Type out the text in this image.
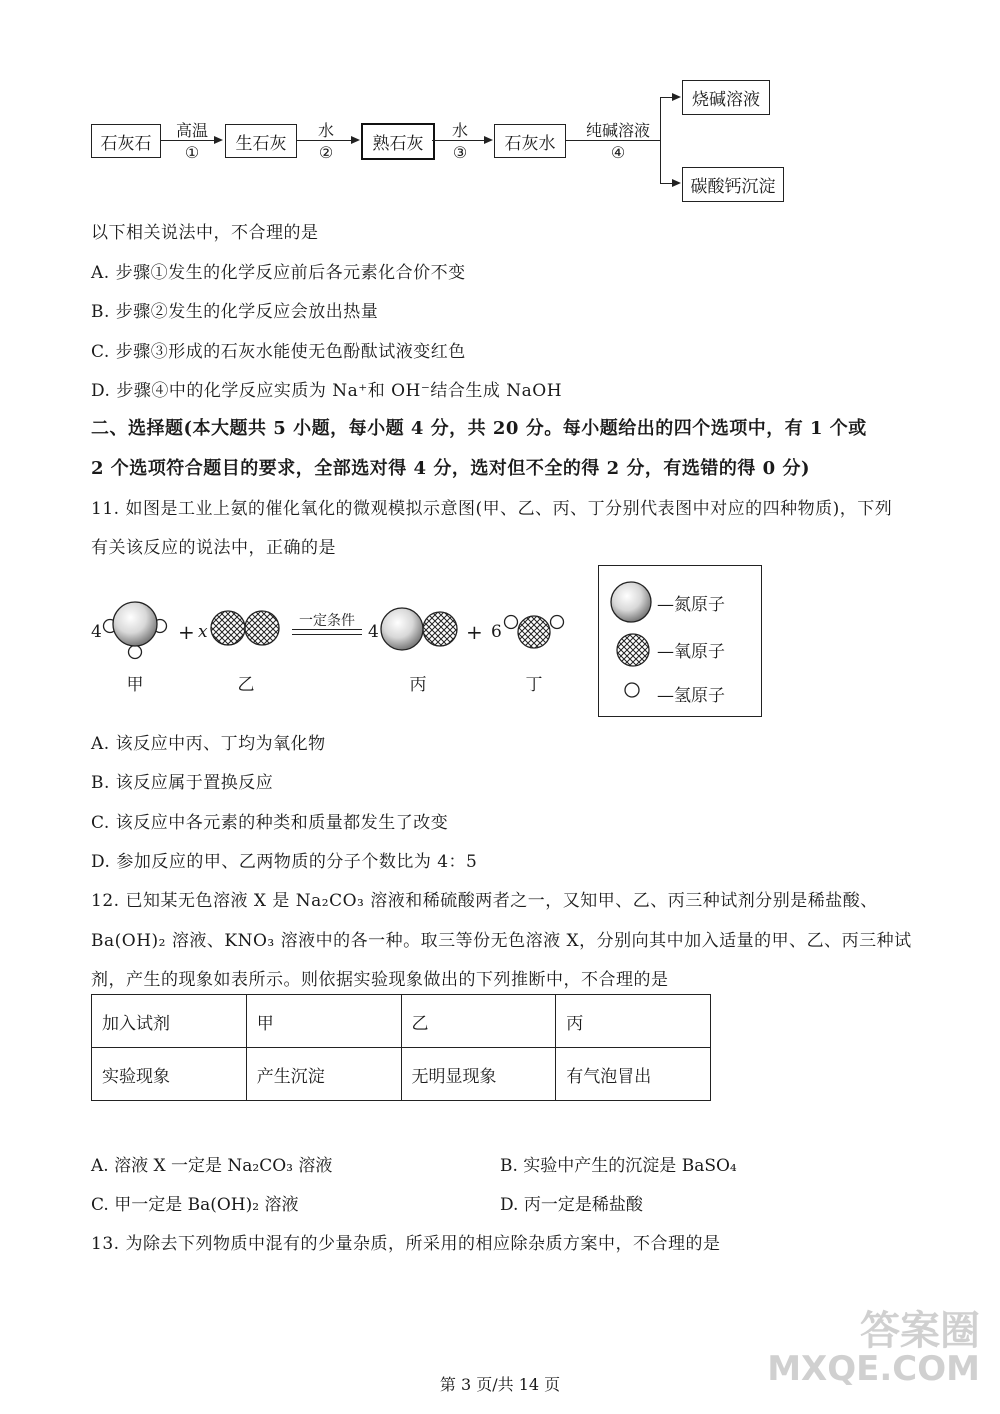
石灰石
高温
①	生石灰
水
②	熟石灰
水
③	石灰水
纯碱溶液
④
烧碱溶液
碳酸钙沉淀
以下相关说法中，不合理的是
A. 步骤①发生的化学反应前后各元素化合价不变
B. 步骤②发生的化学反应会放出热量
C. 步骤③形成的石灰水能使无色酚酞试液变红色
D. 步骤④中的化学反应实质为 Na⁺和 OH⁻结合生成 NaOH
二、选择题(本大题共 5 小题，每小题 4 分，共 20 分。每小题给出的四个选项中，有 1 个或
2 个选项符合题目的要求，全部选对得 4 分，选对但不全的得 2 分，有选错的得 0 分)
11. 如图是工业上氨的催化氧化的微观模拟示意图(甲、乙、丙、丁分别代表图中对应的四种物质)，下列
有关该反应的说法中，正确的是
4	+ x
一定条件
4	+ 6
甲	乙	丙	丁
—氮原子
—氧原子
—氢原子
A. 该反应中丙、丁均为氧化物
B. 该反应属于置换反应
C. 该反应中各元素的种类和质量都发生了改变
D. 参加反应的甲、乙两物质的分子个数比为 4：5
12. 已知某无色溶液 X 是 Na₂CO₃ 溶液和稀硫酸两者之一，又知甲、乙、丙三种试剂分别是稀盐酸、
Ba(OH)₂ 溶液、KNO₃ 溶液中的各一种。取三等份无色溶液 X，分别向其中加入适量的甲、乙、丙三种试
剂，产生的现象如表所示。则依据实验现象做出的下列推断中，不合理的是
加入试剂	甲	乙	丙
实验现象	产生沉淀	无明显现象	有气泡冒出
A. 溶液 X 一定是 Na₂CO₃ 溶液	B. 实验中产生的沉淀是 BaSO₄
C. 甲一定是 Ba(OH)₂ 溶液	D. 丙一定是稀盐酸
13. 为除去下列物质中混有的少量杂质，所采用的相应除杂质方案中，不合理的是
答案圈
MXQE.COM
第 3 页/共 14 页
